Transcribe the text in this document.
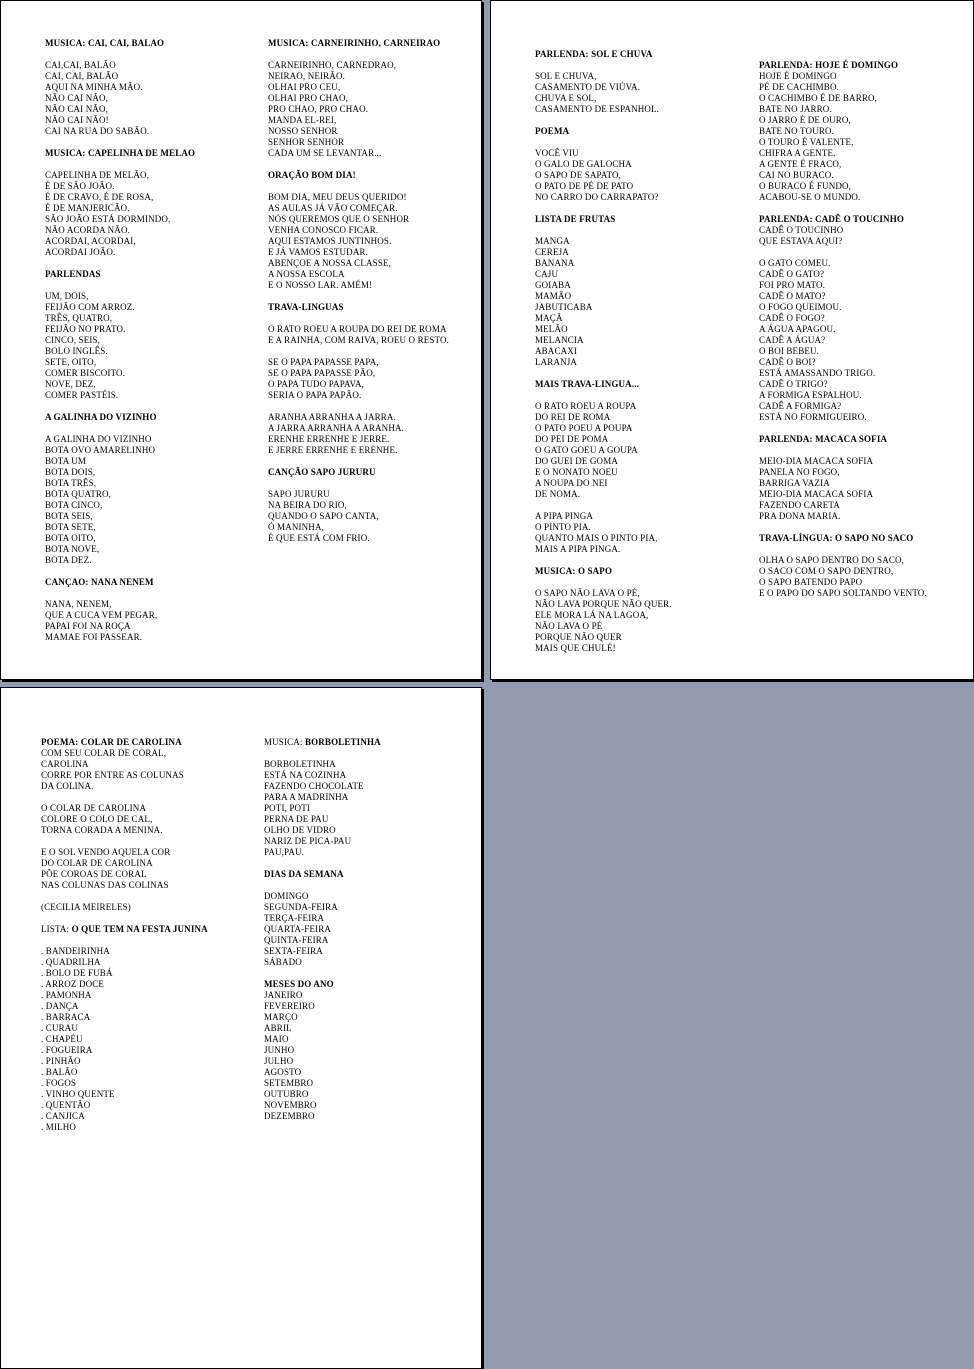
MUSICA: CAI, CAI, BALAO
CAI,CAI, BALÃO
CAI, CAI, BALÃO
AQUI NA MINHA MÃO.
NÃO CAI NÃO,
NÃO CAI NÃO,
NÃO CAI NÃO!
CAI NA RUA DO SABÃO.
MUSICA: CAPELINHA DE MELAO
CAPELINHA DE MELÃO,
É DE SÃO JOÃO.
É DE CRAVO, É DE ROSA,
É DE MANJERICÃO.
SÃO JOÃO ESTÁ DORMINDO,
NÃO ACORDA NÃO.
ACORDAI, ACORDAI,
ACORDAI JOÃO.
PARLENDAS
UM, DOIS,
FEIJÃO COM ARROZ.
TRÊS, QUATRO,
FEIJÃO NO PRATO.
CINCO, SEIS,
BOLO INGLÊS.
SETE, OITO,
COMER BISCOITO.
NOVE, DEZ,
COMER PASTÉIS.
A GALINHA DO VIZINHO
A GALINHA DO VIZINHO
BOTA OVO AMARELINHO
BOTA UM
BOTA DOIS,
BOTA TRÊS,
BOTA QUATRO,
BOTA CINCO,
BOTA SEIS,
BOTA SETE,
BOTA OITO,
BOTA NOVE,
BOTA DEZ.
CANÇAO: NANA NENEM
NANA, NENEM,
QUE A CUCA VEM PEGAR,
PAPAI FOI NA ROÇA
MAMAE FOI PASSEAR.
MUSICA: CARNEIRINHO, CARNEIRAO
CARNEIRINHO, CARNEDRAO,
NEIRAO, NEIRÃO.
OLHAI PRO CEU,
OLHAI PRO CHAO,
PRO CHAO, PRO CHAO.
MANDA EL-REI,
NOSSO SENHOR
SENHOR SENHOR
CADA UM SE LEVANTAR...
ORAÇÃO BOM DIA!
BOM DIA, MEU DEUS QUERIDO!
AS AULAS JÁ VÃO COMEÇAR.
NÓS QUEREMOS QUE O SENHOR
VENHA CONOSCO FICAR.
AQUI ESTAMOS JUNTINHOS.
E JÁ VAMOS ESTUDAR.
ABENÇOE A NOSSA CLASSE,
A NOSSA ESCOLA
E O NOSSO LAR. AMÉM!
TRAVA-LINGUAS
O RATO ROEU A ROUPA DO REI DE ROMA
E A RAINHA, COM RAIVA, ROEU O RESTO.
SE O PAPA PAPASSE PAPA,
SE O PAPA PAPASSE PÃO,
O PAPA TUDO PAPAVA,
SERIA O PAPA PAPÃO.
ARANHA ARRANHA A JARRA.
A JARRA ARRANHA A ARANHA.
ERENHE ERRENHE E JERRE.
E JERRE ERRENHE E ERENHE.
CANÇÃO SAPO JURURU
SAPO JURURU
NA BEIRA DO RIO,
QUANDO O SAPO CANTA,
Ó MANINHA,
É QUE ESTÁ COM FRIO.
PARLENDA: SOL E CHUVA
SOL E CHUVA,
CASAMENTO DE VIÚVA.
CHUVA E SOL,
CASAMENTO DE ESPANHOL.
POEMA
VOCÊ VIU
O GALO DE GALOCHA
O SAPO DE SAPATO,
O PATO DE PÉ DE PATO
NO CARRO DO CARRAPATO?
LISTA DE FRUTAS
MANGA
CEREJA
BANANA
CAJU
GOIABA
MAMÃO
JABUTICABA
MAÇÃ
MELÃO
MELANCIA
ABACAXI
LARANJA
MAIS TRAVA-LINGUA...
O RATO ROEU A ROUPA
DO REI DE ROMA
O PATO POEU A POUPA
DO PEI DE POMA
O GATO GOEU A GOUPA
DO GUEI DE GOMA
E O NONATO NOEU
A NOUPA DO NEI
DE NOMA.
A PIPA PINGA
O PINTO PIA.
QUANTO MAIS O PINTO PIA,
MAIS A PIPA PINGA.
MUSICA: O SAPO
O SAPO NÃO LAVA O PÉ,
NÃO LAVA PORQUE NÃO QUER.
ELE MORA LÁ NA LAGOA,
NÃO LAVA O PÉ
PORQUE NÃO QUER
MAIS QUE CHULÉ!
PARLENDA: HOJE É DOMINGO
HOJE É DOMINGO
PÉ DE CACHIMBO.
O CACHIMBO É DE BARRO,
BATE NO JARRO.
O JARRO É DE OURO,
BATE NO TOURO.
O TOURO É VALENTE,
CHIFRA A GENTE.
A GENTE É FRACO,
CAI NO BURACO.
O BURACO É FUNDO,
ACABOU-SE O MUNDO.
PARLENDA: CADÊ O TOUCINHO
CADÊ O TOUCINHO
QUE ESTAVA AQUI?
O GATO COMEU.
CADÊ O GATO?
FOI PRO MATO.
CADÊ O MATO?
O FOGO QUEIMOU.
CADÊ O FOGO?
A ÁGUA APAGOU.
CADÊ A ÁGUA?
O BOI BEBEU.
CADÊ O BOI?
ESTÁ AMASSANDO TRIGO.
CADÊ O TRIGO?
A FORMIGA ESPALHOU.
CADÊ A FORMIGA?
ESTÁ NO FORMIGUEIRO.
PARLENDA: MACACA SOFIA
MEIO-DIA MACACA SOFIA
PANELA NO FOGO,
BARRIGA VAZIA
MEIO-DIA MACACA SOFIA
FAZENDO CARETA
PRA DONA MARIA.
TRAVA-LÍNGUA: O SAPO NO SACO
OLHA O SAPO DENTRO DO SACO,
O SACO COM O SAPO DENTRO,
O SAPO BATENDO PAPO
E O PAPO DO SAPO SOLTANDO VENTO.
POEMA: COLAR DE CAROLINA
COM SEU COLAR DE CORAL,
CAROLINA
CORRE POR ENTRE AS COLUNAS
DA COLINA.
O COLAR DE CAROLINA
COLORE O COLO DE CAL,
TORNA CORADA A MENINA.
E O SOL VENDO AQUELA COR
DO COLAR DE CAROLINA
PÕE COROAS DE CORAL
NAS COLUNAS DAS COLINAS
(CECILIA MEIRELES)
LISTA: O QUE TEM NA FESTA JUNINA
. BANDEIRINHA
. QUADRILHA
. BOLO DE FUBÁ
. ARROZ DOCE
. PAMONHA
. DANÇA
. BARRACA
. CURAU
. CHAPÉU
. FOGUEIRA
. PINHÃO
. BALÃO
. FOGOS
. VINHO QUENTE
. QUENTÃO
. CANJICA
. MILHO
MUSICA: BORBOLETINHA
BORBOLETINHA
ESTÁ NA COZINHA
FAZENDO CHOCOLATE
PARA A MADRINHA
POTI, POTI
PERNA DE PAU
OLHO DE VIDRO
NARIZ DE PICA-PAU
PAU,PAU.
DIAS DA SEMANA
DOMINGO
SEGUNDA-FEIRA
TERÇA-FEIRA
QUARTA-FEIRA
QUINTA-FEIRA
SEXTA-FEIRA
SÁBADO
MESES DO ANO
JANEIRO
FEVEREIRO
MARÇO
ABRIL
MAIO
JUNHO
JULHO
AGOSTO
SETEMBRO
OUTUBRO
NOVEMBRO
DEZEMBRO
